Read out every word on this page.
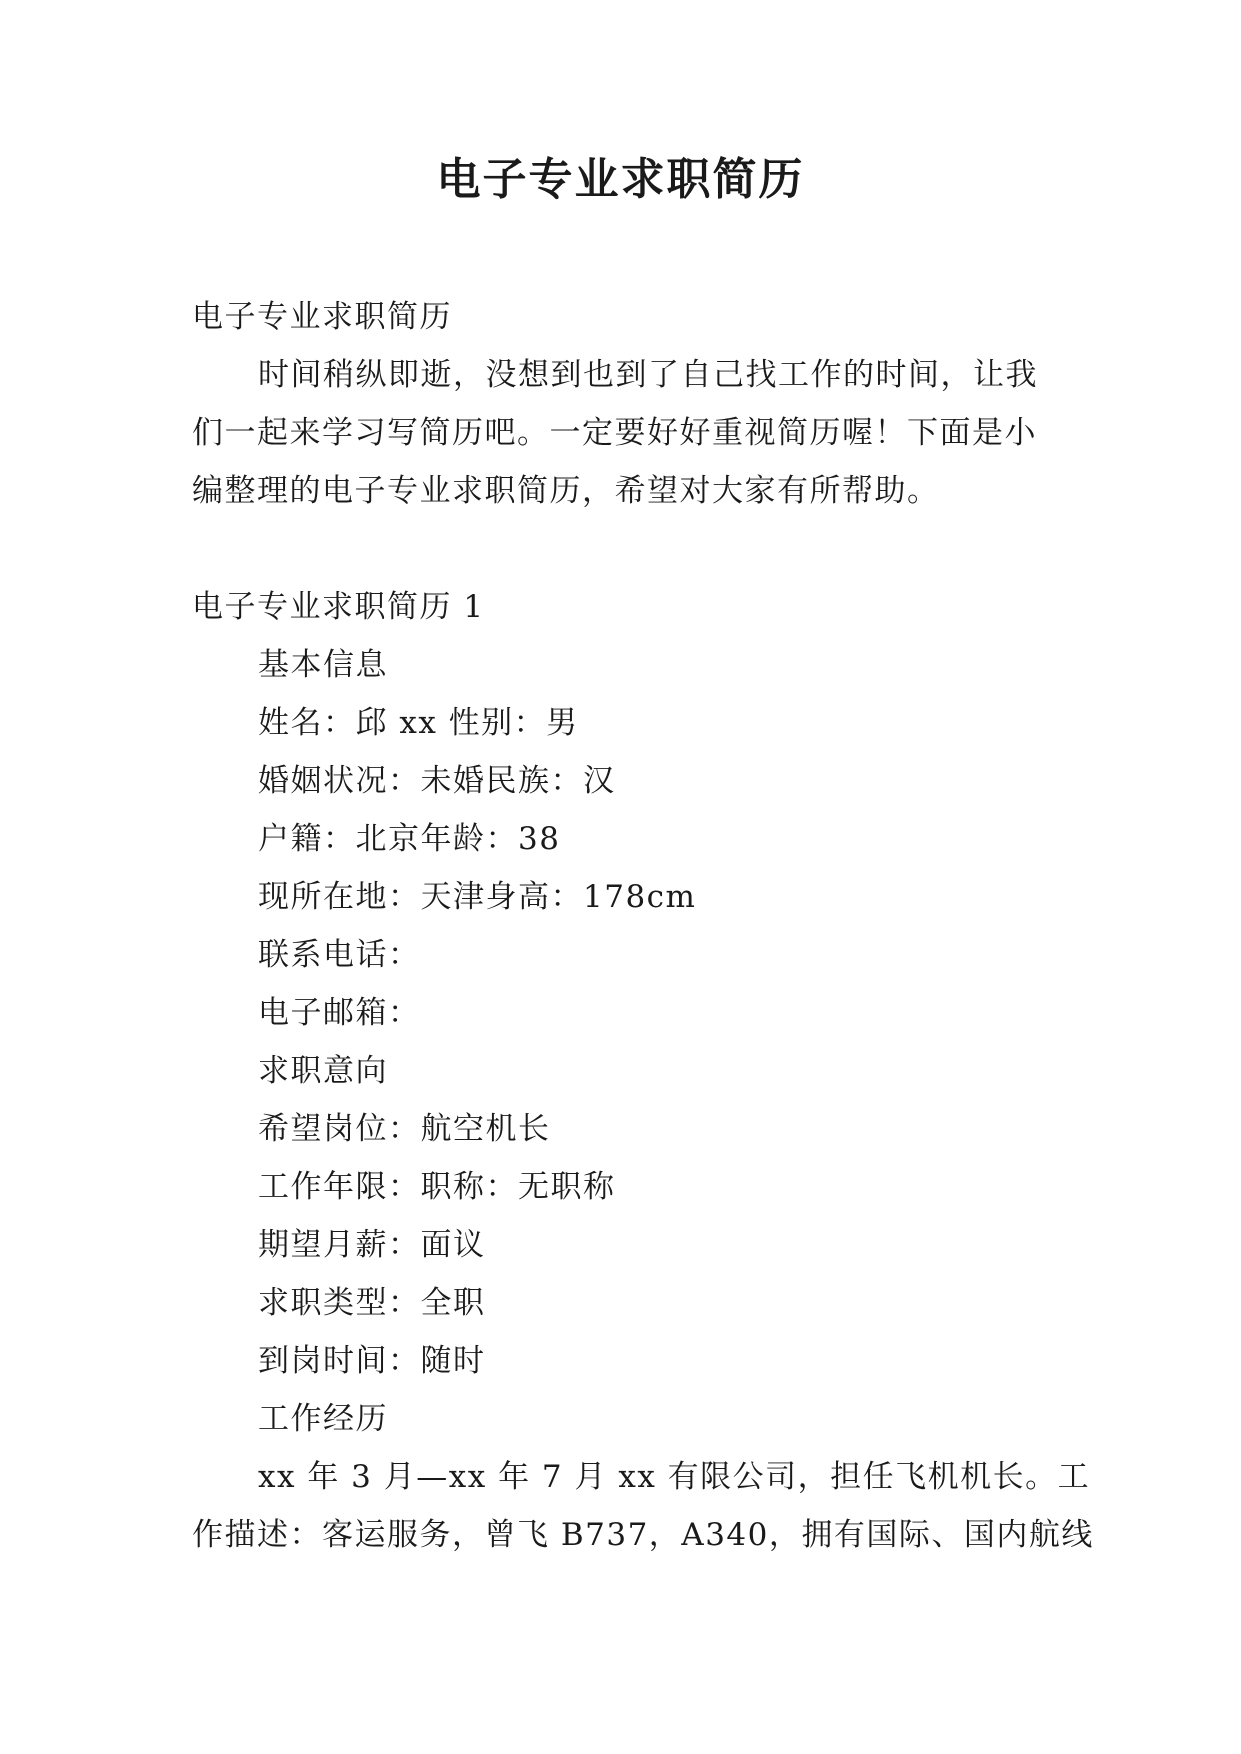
电子专业求职简历

电子专业求职简历

时间稍纵即逝，没想到也到了自己找工作的时间，让我

们一起来学习写简历吧。一定要好好重视简历喔！下面是小

编整理的电子专业求职简历，希望对大家有所帮助。

电子专业求职简历 1

基本信息

姓名：邱 xx 性别：男

婚姻状况：未婚民族：汉

户籍：北京年龄：38

现所在地：天津身高：178cm

联系电话：

电子邮箱：

求职意向

希望岗位：航空机长

工作年限：职称：无职称

期望月薪：面议

求职类型：全职

到岗时间：随时

工作经历

xx 年 3 月—xx 年 7 月 xx 有限公司，担任飞机机长。工

作描述：客运服务，曾飞 B737，A340，拥有国际、国内航线
